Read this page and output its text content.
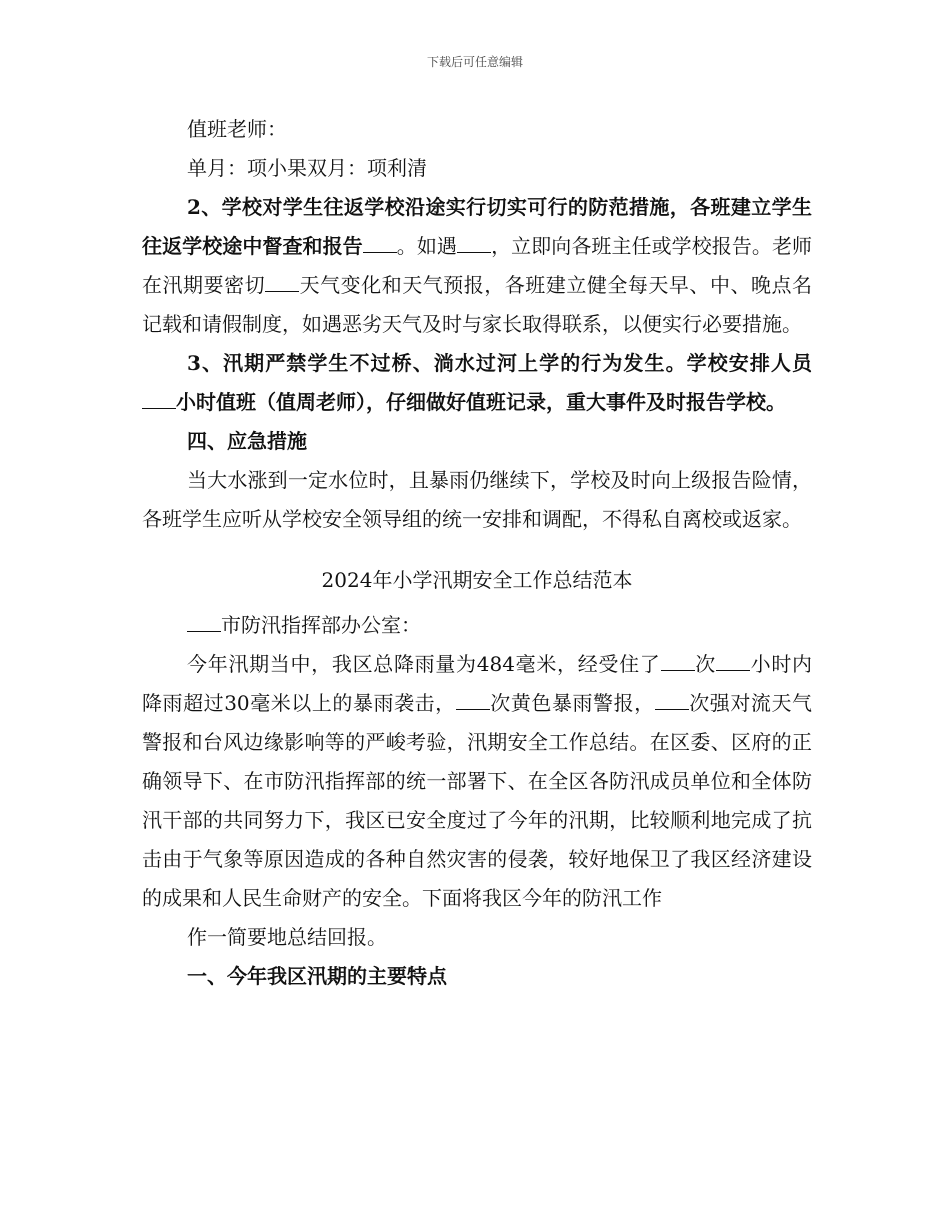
下载后可任意编辑

值班老师：

单月：项小果双月：项利清

2、学校对学生往返学校沿途实行切实可行的防范措施，各班建立学生往返学校途中督查和报告 。如遇 ，立即向各班主任或学校报告。老师在汛期要密切 天气变化和天气预报，各班建立健全每天早、中、晚点名记载和请假制度，如遇恶劣天气及时与家长取得联系，以便实行必要措施。

3、汛期严禁学生不过桥、淌水过河上学的行为发生。学校安排人员小时值班（值周老师），仔细做好值班记录，重大事件及时报告学校。

四、应急措施

当大水涨到一定水位时，且暴雨仍继续下，学校及时向上级报告险情，各班学生应听从学校安全领导组的统一安排和调配，不得私自离校或返家。

2024年小学汛期安全工作总结范本

市防汛指挥部办公室：

今年汛期当中，我区总降雨量为484毫米，经受住了 次 小时内降雨超过30毫米以上的暴雨袭击， 次黄色暴雨警报， 次强对流天气警报和台风边缘影响等的严峻考验，汛期安全工作总结。在区委、区府的正确领导下、在市防汛指挥部的统一部署下、在全区各防汛成员单位和全体防汛干部的共同努力下，我区已安全度过了今年的汛期，比较顺利地完成了抗击由于气象等原因造成的各种自然灾害的侵袭，较好地保卫了我区经济建设的成果和人民生命财产的安全。下面将我区今年的防汛工作

作一简要地总结回报。

一、今年我区汛期的主要特点
